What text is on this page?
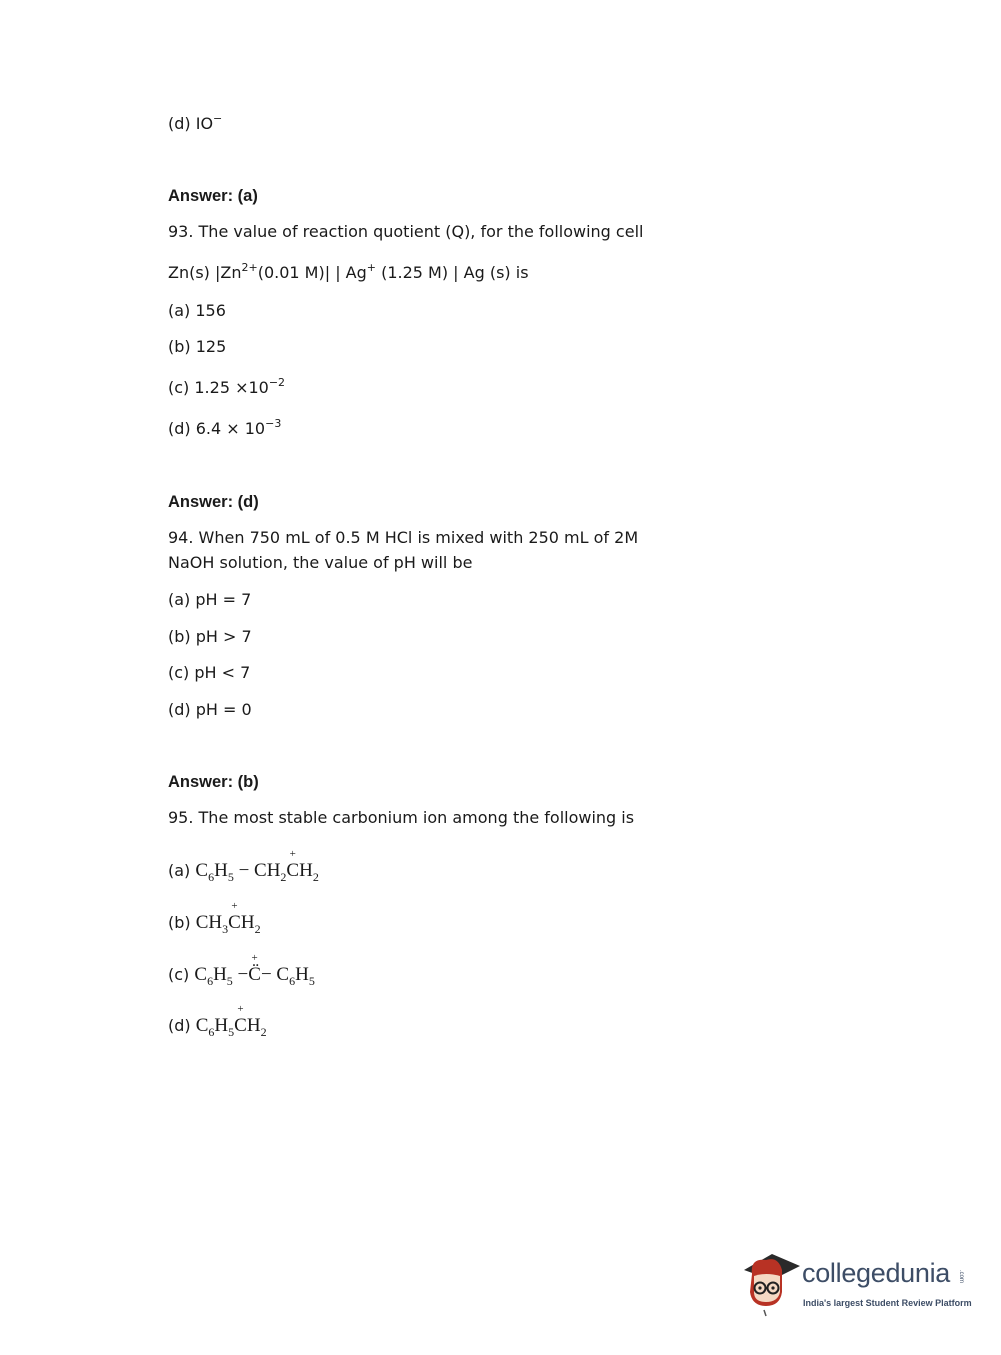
(d) IO−
Answer: (a)
93. The value of reaction quotient (Q), for the following cell
Zn(s) $|Zn^{2+}(0.01$ M)| | Ag+ (1.25 M) | Ag (s) is
(a) 156
(b) 125
(c) $1.25 \times 10^{-2}$
(d) $6.4 \times 10^{-3}$
Answer: (d)
94. When 750 mL of 0.5 M HCl is mixed with 250 mL of 2M
NaOH solution, the value of pH will be
(a) pH = 7
(b) pH > 7
(c) pH < 7
(d) pH = 0
Answer: (b)
95. The most stable carbonium ion among the following is
(a) $C_6H_5 - CH_2+ CH_2$
(b) $CH_3+ CH_2$
(c) $C_6H_5$ −+ C̈− $C_6H_5$
(d) $C_6H_5+ CH_2$
collegedunia .com
India's largest Student Review Platform
